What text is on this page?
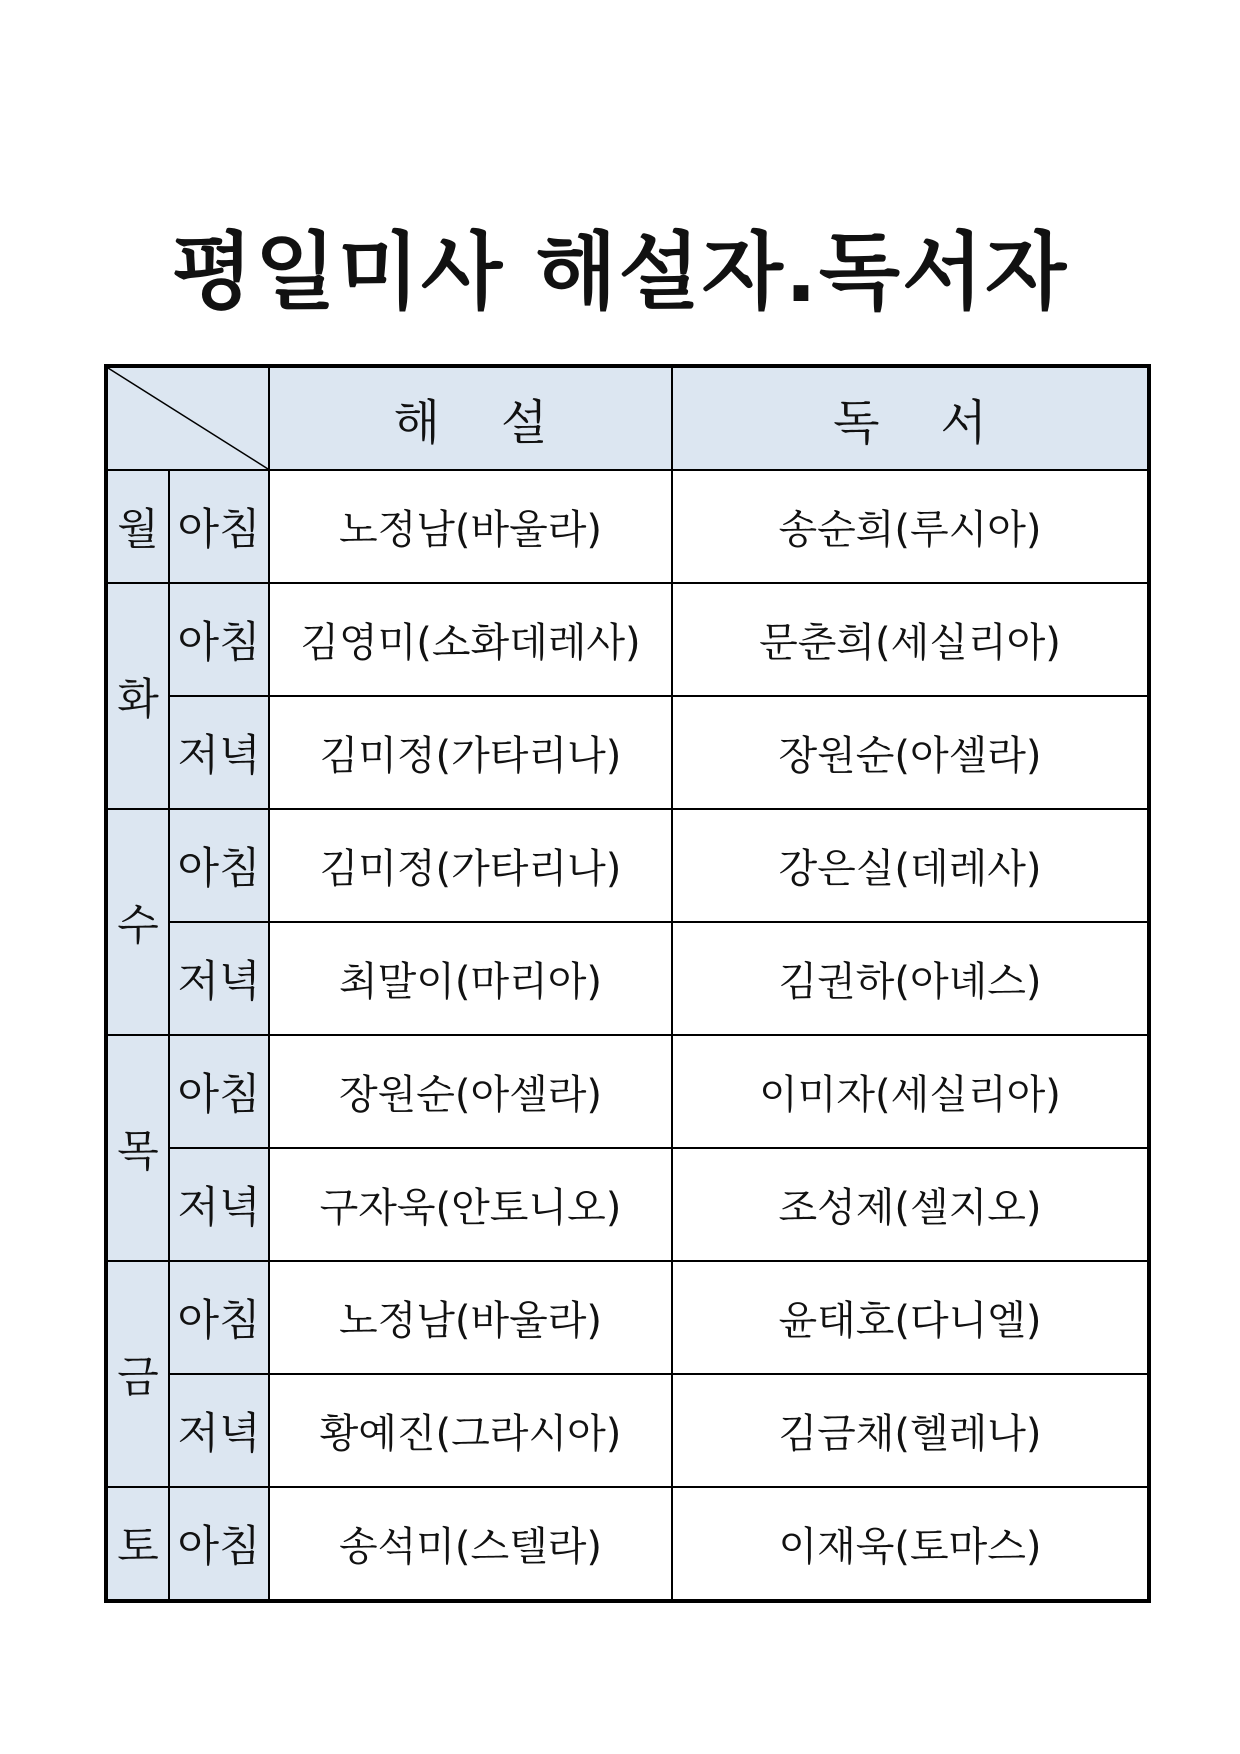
평일미사 해설자.독서자
	해    설	독    서
월	아침	노정남(바울라)	송순희(루시아)
화	아침	김영미(소화데레사)	문춘희(세실리아)
	저녁	김미정(가타리나)	장원순(아셀라)
수	아침	김미정(가타리나)	강은실(데레사)
	저녁	최말이(마리아)	김권하(아녜스)
목	아침	장원순(아셀라)	이미자(세실리아)
	저녁	구자욱(안토니오)	조성제(셀지오)
금	아침	노정남(바울라)	윤태호(다니엘)
	저녁	황예진(그라시아)	김금채(헬레나)
토	아침	송석미(스텔라)	이재욱(토마스)
